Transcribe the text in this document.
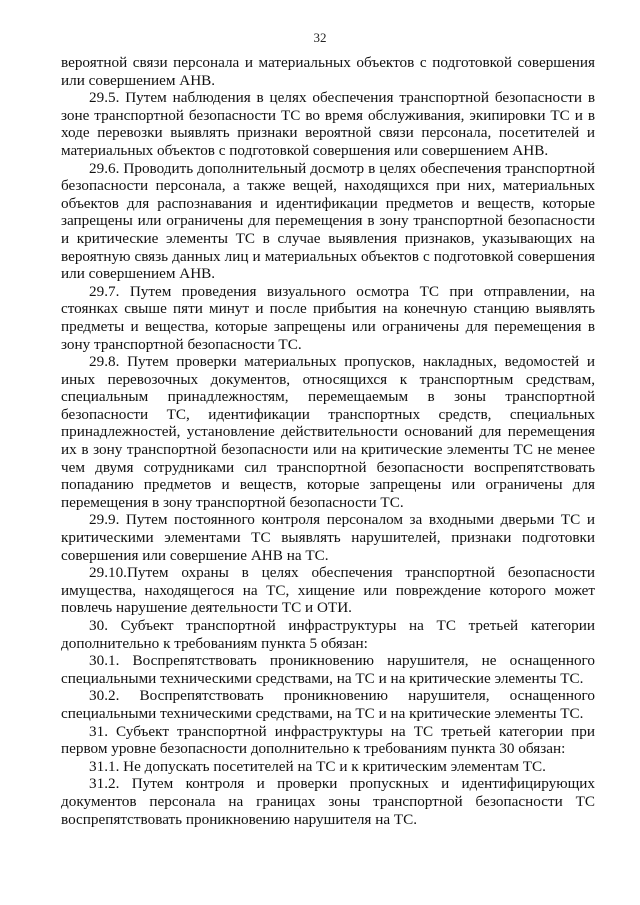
32

вероятной связи персонала и материальных объектов с подготовкой совершения или совершением АНВ.

29.5. Путем наблюдения в целях обеспечения транспортной безопасности в зоне транспортной безопасности ТС во время обслуживания, экипировки ТС и в ходе перевозки выявлять признаки вероятной связи персонала, посетителей и материальных объектов с подготовкой совершения или совершением АНВ.

29.6. Проводить дополнительный досмотр в целях обеспечения транспортной безопасности персонала, а также вещей, находящихся при них, материальных объектов для распознавания и идентификации предметов и веществ, которые запрещены или ограничены для перемещения в зону транспортной безопасности и критические элементы ТС в случае выявления признаков, указывающих на вероятную связь данных лиц и материальных объектов с подготовкой совершения или совершением АНВ.

29.7. Путем проведения визуального осмотра ТС при отправлении, на стоянках свыше пяти минут и после прибытия на конечную станцию выявлять предметы и вещества, которые запрещены или ограничены для перемещения в зону транспортной безопасности ТС.

29.8. Путем проверки материальных пропусков, накладных, ведомостей и иных перевозочных документов, относящихся к транспортным средствам, специальным принадлежностям, перемещаемым в зоны транспортной безопасности ТС, идентификации транспортных средств, специальных принадлежностей, установление действительности оснований для перемещения их в зону транспортной безопасности или на критические элементы ТС не менее чем двумя сотрудниками сил транспортной безопасности воспрепятствовать попаданию предметов и веществ, которые запрещены или ограничены для перемещения в зону транспортной безопасности ТС.

29.9. Путем постоянного контроля персоналом за входными дверьми ТС и критическими элементами ТС выявлять нарушителей, признаки подготовки совершения или совершение АНВ на ТС.

29.10.Путем охраны в целях обеспечения транспортной безопасности имущества, находящегося на ТС, хищение или повреждение которого может повлечь нарушение деятельности ТС и ОТИ.

30. Субъект транспортной инфраструктуры на ТС третьей категории дополнительно к требованиям пункта 5 обязан:

30.1. Воспрепятствовать проникновению нарушителя, не оснащенного специальными техническими средствами, на ТС и на критические элементы ТС.

30.2. Воспрепятствовать проникновению нарушителя, оснащенного специальными техническими средствами, на ТС и на критические элементы ТС.

31. Субъект транспортной инфраструктуры на ТС третьей категории при первом уровне безопасности дополнительно к требованиям пункта 30 обязан:

31.1. Не допускать посетителей на ТС и к критическим элементам ТС.

31.2. Путем контроля и проверки пропускных и идентифицирующих документов персонала на границах зоны транспортной безопасности ТС воспрепятствовать проникновению нарушителя на ТС.
